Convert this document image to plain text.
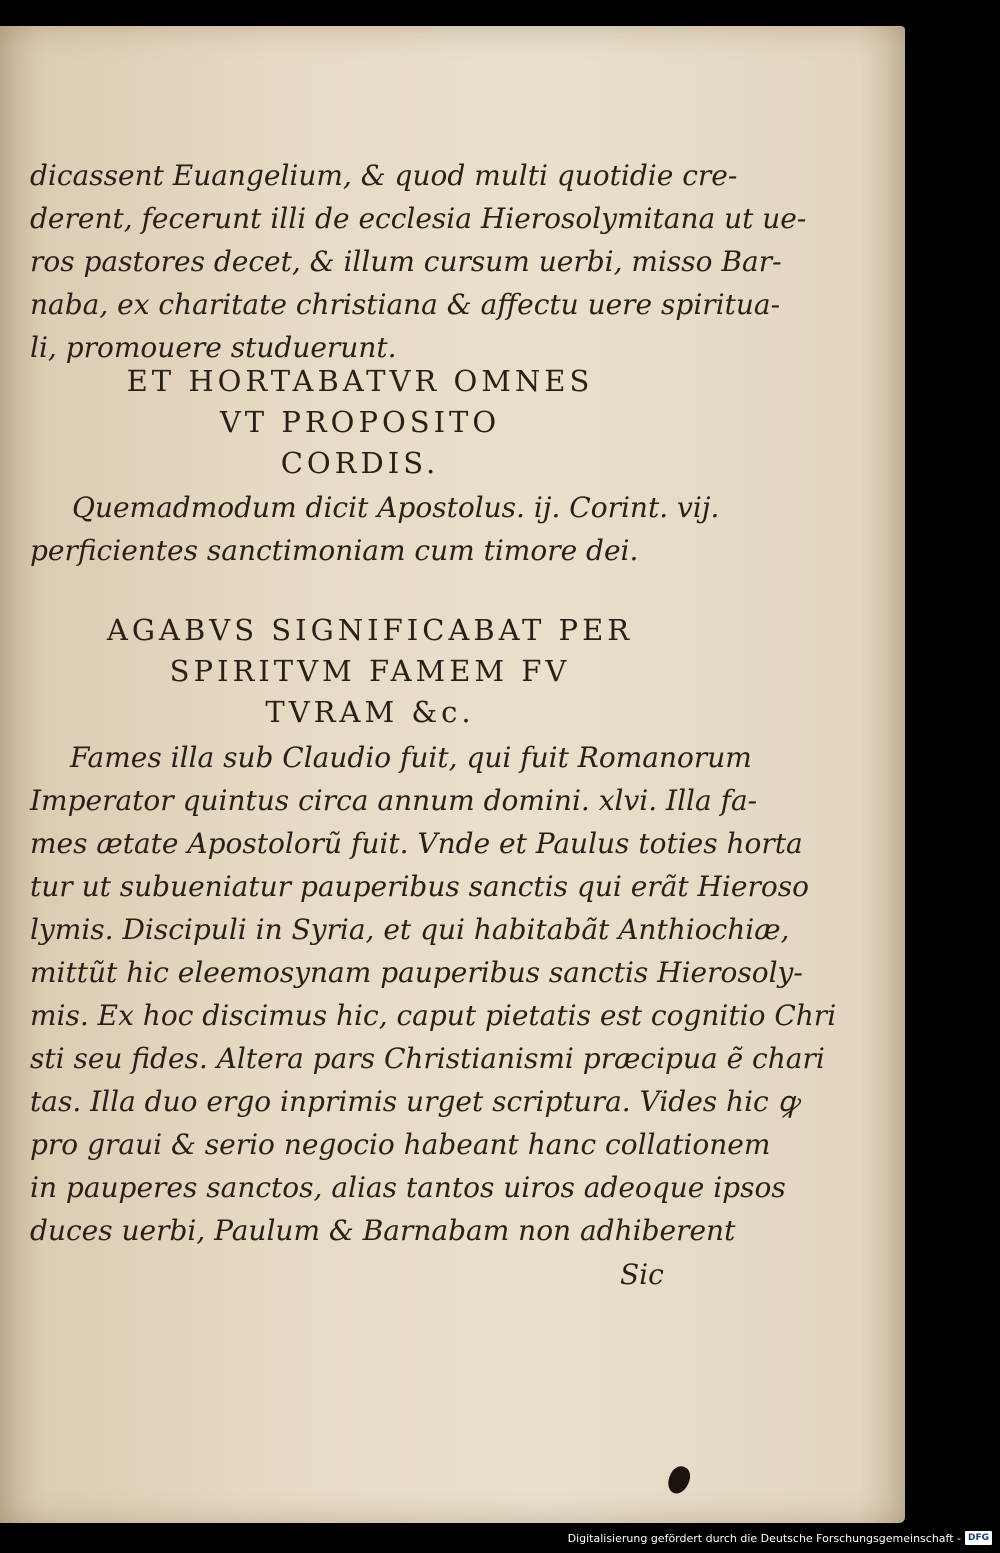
dicassent Euangelium, & quod multi quotidie cre-
derent, fecerunt illi de ecclesia Hierosolymitana ut ue-
ros pastores decet, & illum cursum uerbi, misso Bar-
naba, ex charitate christiana & affectu uere spiritua-
li, promouere studuerunt.
ET HORTABATVR OMNES
VT PROPOSITO
CORDIS.
Quemadmodum dicit Apostolus. ij. Corint. vij.
perficientes sanctimoniam cum timore dei.
AGABVS SIGNIFICABAT PER
SPIRITVM FAMEM FV
TVRAM &c.
Fames illa sub Claudio fuit, qui fuit Romanorum
Imperator quintus circa annum domini. xlvi. Illa fa-
mes ætate Apostolorũ fuit. Vnde et Paulus toties horta
tur ut subueniatur pauperibus sanctis qui erãt Hieroso
lymis. Discipuli in Syria, et qui habitabãt Anthiochiæ,
mittũt hic eleemosynam pauperibus sanctis Hierosoly-
mis. Ex hoc discimus hic, caput pietatis est cognitio Chri
sti seu fides. Altera pars Christianismi præcipua ẽ chari
tas. Illa duo ergo inprimis urget scriptura. Vides hic ꝙ
pro graui & serio negocio habeant hanc collationem
in pauperes sanctos, alias tantos uiros adeoque ipsos
duces uerbi, Paulum & Barnabam non adhiberent
Sic
Digitalisierung gefördert durch die Deutsche Forschungsgemeinschaft - DFG
